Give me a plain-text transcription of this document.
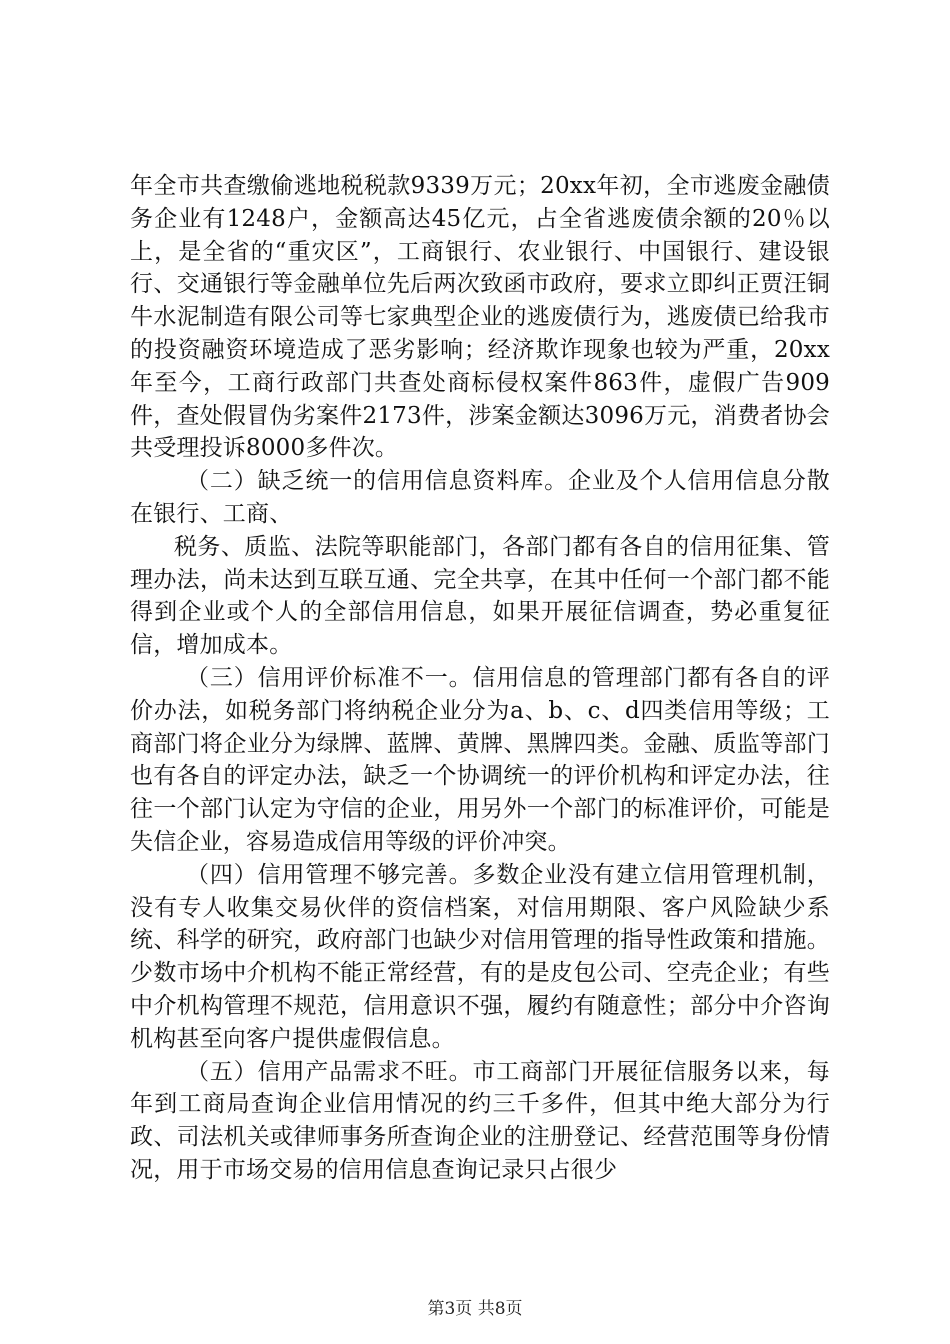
年全市共查缴偷逃地税税款9339万元；20xx年初，全市逃废金融债务企业有1248户，金额高达45亿元，占全省逃废债余额的20％以上，是全省的“重灾区”，工商银行、农业银行、中国银行、建设银行、交通银行等金融单位先后两次致函市政府，要求立即纠正贾汪铜牛水泥制造有限公司等七家典型企业的逃废债行为，逃废债已给我市的投资融资环境造成了恶劣影响；经济欺诈现象也较为严重，20xx年至今，工商行政部门共查处商标侵权案件863件，虚假广告909件，查处假冒伪劣案件2173件，涉案金额达3096万元，消费者协会共受理投诉8000多件次。

（二）缺乏统一的信用信息资料库。企业及个人信用信息分散在银行、工商、

税务、质监、法院等职能部门，各部门都有各自的信用征集、管理办法，尚未达到互联互通、完全共享，在其中任何一个部门都不能得到企业或个人的全部信用信息，如果开展征信调查，势必重复征信，增加成本。

（三）信用评价标准不一。信用信息的管理部门都有各自的评价办法，如税务部门将纳税企业分为a、b、c、d四类信用等级；工商部门将企业分为绿牌、蓝牌、黄牌、黑牌四类。金融、质监等部门也有各自的评定办法，缺乏一个协调统一的评价机构和评定办法，往往一个部门认定为守信的企业，用另外一个部门的标准评价，可能是失信企业，容易造成信用等级的评价冲突。

（四）信用管理不够完善。多数企业没有建立信用管理机制，没有专人收集交易伙伴的资信档案，对信用期限、客户风险缺少系统、科学的研究，政府部门也缺少对信用管理的指导性政策和措施。少数市场中介机构不能正常经营，有的是皮包公司、空壳企业；有些中介机构管理不规范，信用意识不强，履约有随意性；部分中介咨询机构甚至向客户提供虚假信息。

（五）信用产品需求不旺。市工商部门开展征信服务以来，每年到工商局查询企业信用情况的约三千多件，但其中绝大部分为行政、司法机关或律师事务所查询企业的注册登记、经营范围等身份情况，用于市场交易的信用信息查询记录只占很少

第3页 共8页
